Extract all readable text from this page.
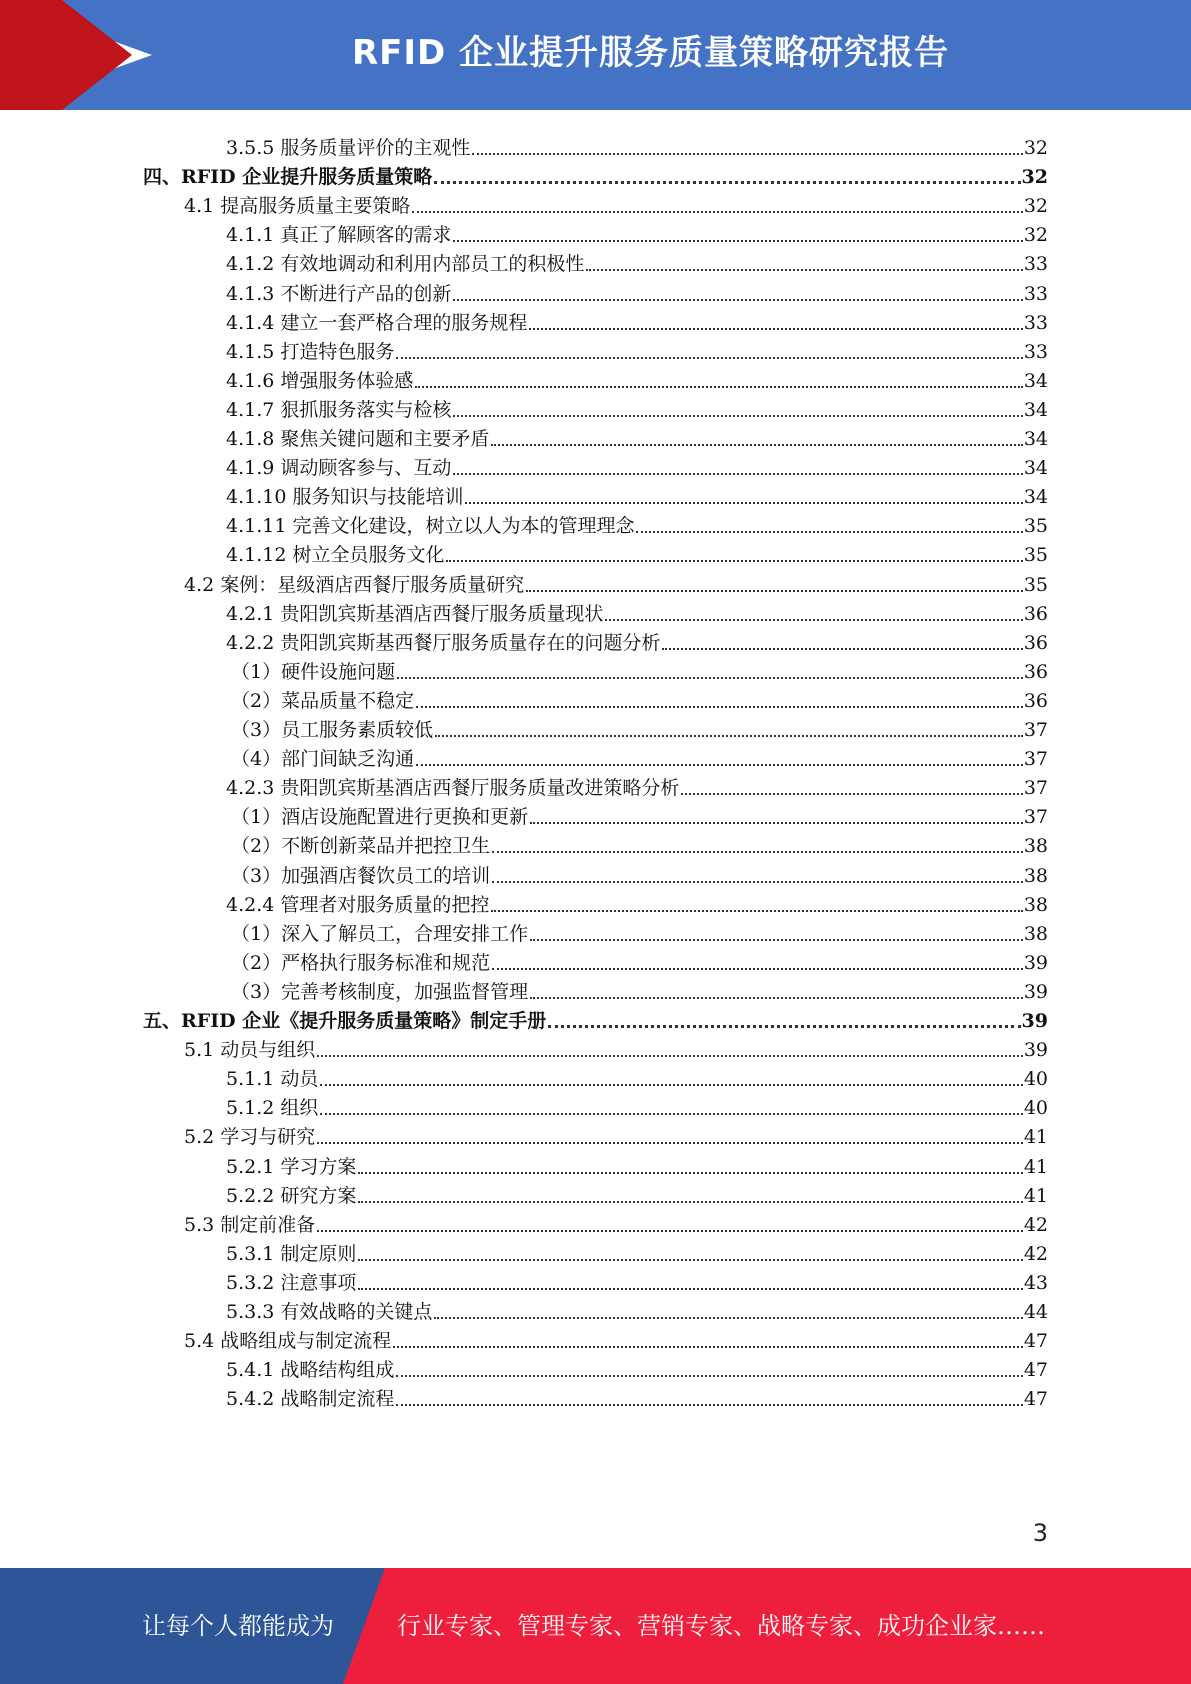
RFID 企业提升服务质量策略研究报告
3.5.5 服务质量评价的主观性	32
四、RFID 企业提升服务质量策略	32
4.1 提高服务质量主要策略	32
4.1.1 真正了解顾客的需求	32
4.1.2 有效地调动和利用内部员工的积极性	33
4.1.3 不断进行产品的创新	33
4.1.4 建立一套严格合理的服务规程	33
4.1.5 打造特色服务	33
4.1.6 增强服务体验感	34
4.1.7 狠抓服务落实与检核	34
4.1.8 聚焦关键问题和主要矛盾	34
4.1.9 调动顾客参与、互动	34
4.1.10 服务知识与技能培训	34
4.1.11 完善文化建设，树立以人为本的管理理念	35
4.1.12 树立全员服务文化	35
4.2 案例：星级酒店西餐厅服务质量研究	35
4.2.1 贵阳凯宾斯基酒店西餐厅服务质量现状	36
4.2.2 贵阳凯宾斯基西餐厅服务质量存在的问题分析	36
（1）硬件设施问题	36
（2）菜品质量不稳定	36
（3）员工服务素质较低	37
（4）部门间缺乏沟通	37
4.2.3 贵阳凯宾斯基酒店西餐厅服务质量改进策略分析	37
（1）酒店设施配置进行更换和更新	37
（2）不断创新菜品并把控卫生	38
（3）加强酒店餐饮员工的培训	38
4.2.4 管理者对服务质量的把控	38
（1）深入了解员工，合理安排工作	38
（2）严格执行服务标准和规范	39
（3）完善考核制度，加强监督管理	39
五、RFID 企业《提升服务质量策略》制定手册	39
5.1 动员与组织	39
5.1.1 动员	40
5.1.2 组织	40
5.2 学习与研究	41
5.2.1 学习方案	41
5.2.2 研究方案	41
5.3 制定前准备	42
5.3.1 制定原则	42
5.3.2 注意事项	43
5.3.3 有效战略的关键点	44
5.4 战略组成与制定流程	47
5.4.1 战略结构组成	47
5.4.2 战略制定流程	47
3
让每个人都能成为	行业专家、管理专家、营销专家、战略专家、成功企业家……
